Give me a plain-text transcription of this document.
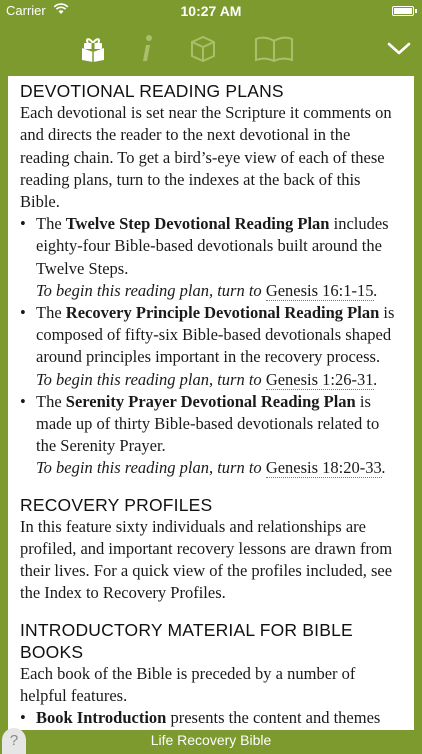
Carrier	10:27 AM
DEVOTIONAL READING PLANS

Each devotional is set near the Scripture it comments on and directs the reader to the next devotional in the reading chain. To get a bird’s-eye view of each of these reading plans, turn to the indexes at the back of this Bible.

• The Twelve Step Devotional Reading Plan includes eighty-four Bible-based devotionals built around the Twelve Steps.
To begin this reading plan, turn to Genesis 16:1-15.
• The Recovery Principle Devotional Reading Plan is composed of fifty-six Bible-based devotionals shaped around principles important in the recovery process.
To begin this reading plan, turn to Genesis 1:26-31.
• The Serenity Prayer Devotional Reading Plan is made up of thirty Bible-based devotionals related to the Serenity Prayer.
To begin this reading plan, turn to Genesis 18:20-33.
RECOVERY PROFILES

In this feature sixty individuals and relationships are profiled, and important recovery lessons are drawn from their lives. For a quick view of the profiles included, see the Index to Recovery Profiles.

INTRODUCTORY MATERIAL FOR BIBLE BOOKS

Each book of the Bible is preceded by a number of helpful features.

• Book Introduction presents the content and themes
Life Recovery Bible
?
